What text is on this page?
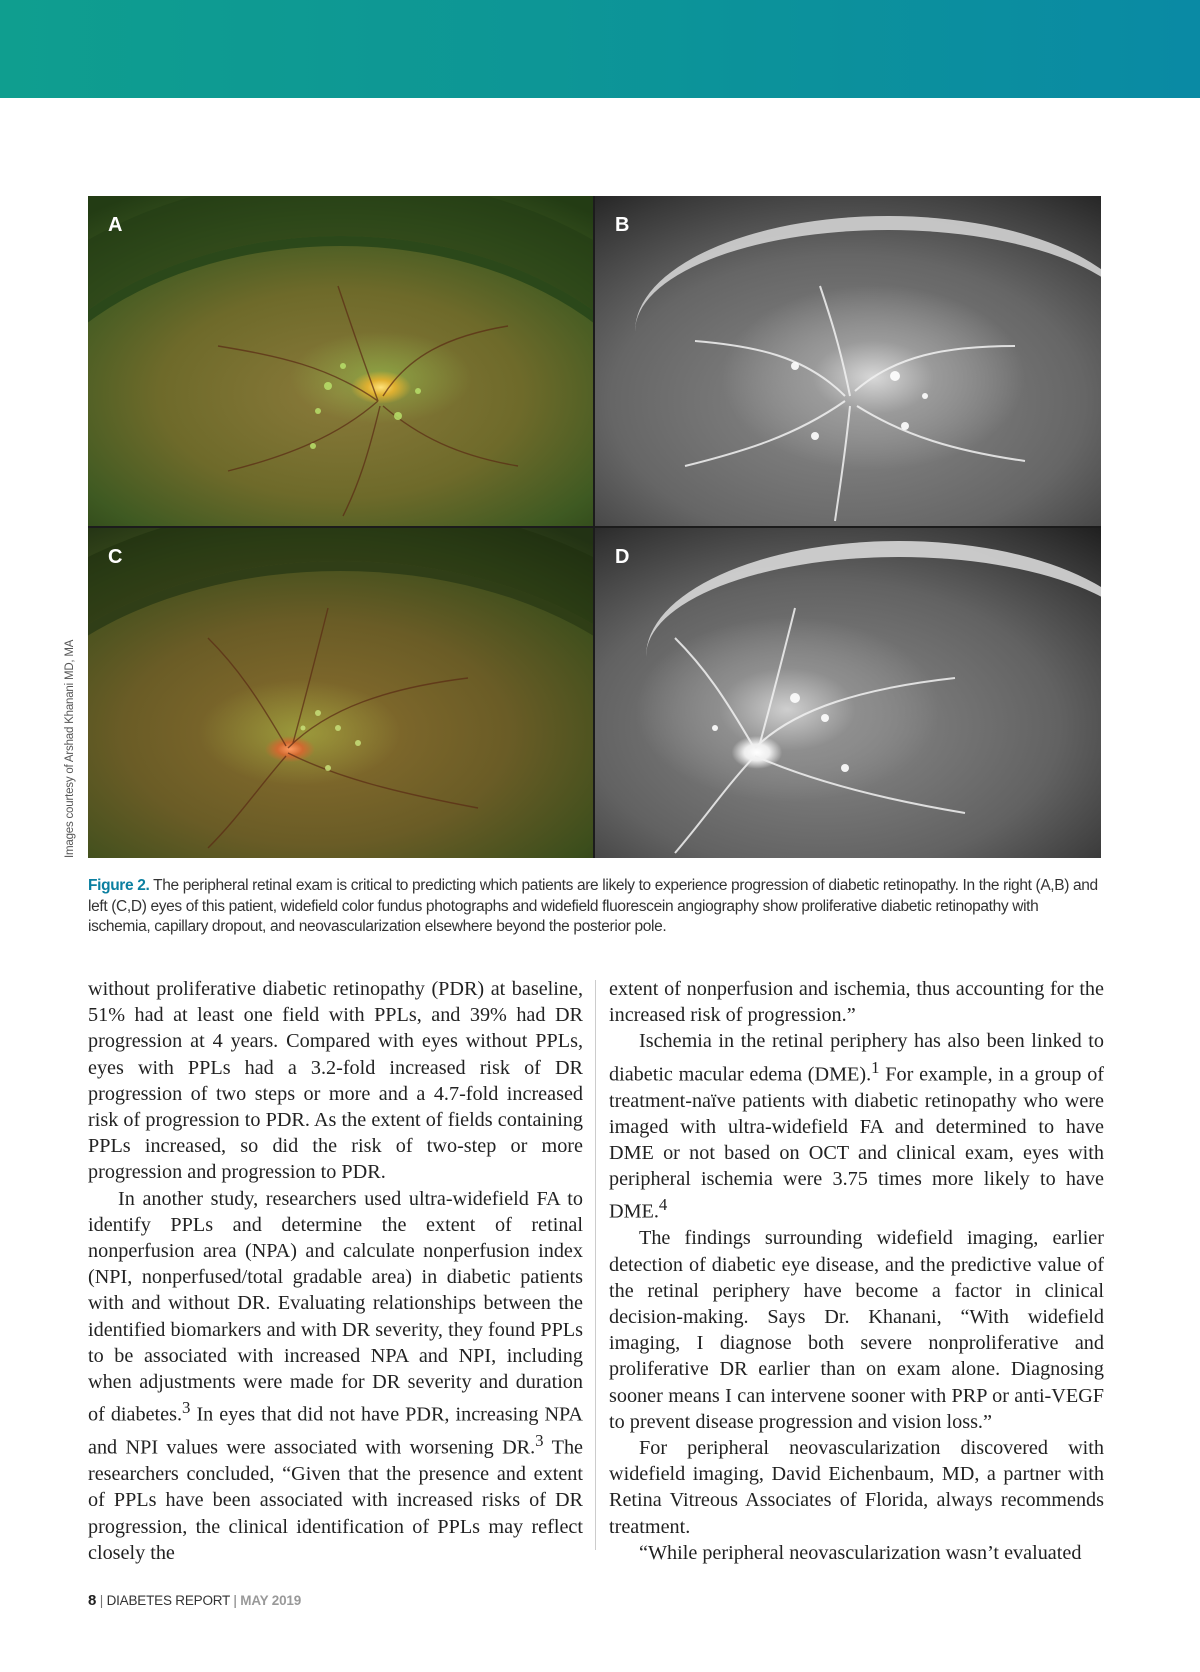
A	B
C	D
Images courtesy of Arshad Khanani MD, MA
Figure 2. The peripheral retinal exam is critical to predicting which patients are likely to experience progression of diabetic retinopathy. In the right (A,B) and left (C,D) eyes of this patient, widefield color fundus photographs and widefield fluorescein angiography show proliferative diabetic retinopathy with ischemia, capillary dropout, and neovascularization elsewhere beyond the posterior pole.

without proliferative diabetic retinopathy (PDR) at baseline, 51% had at least one field with PPLs, and 39% had DR progression at 4 years. Compared with eyes without PPLs, eyes with PPLs had a 3.2-fold increased risk of DR progression of two steps or more and a 4.7-fold increased risk of progression to PDR. As the extent of fields containing PPLs increased, so did the risk of two-step or more progression and progression to PDR.

In another study, researchers used ultra-widefield FA to identify PPLs and determine the extent of retinal nonperfusion area (NPA) and calculate nonperfusion index (NPI, nonperfused/total gradable area) in diabetic patients with and without DR. Evaluating relationships between the identified biomarkers and with DR severity, they found PPLs to be associated with increased NPA and NPI, including when adjustments were made for DR severity and duration of diabetes.$^3$ In eyes that did not have PDR, increasing NPA and NPI values were associated with worsening DR.$^3$ The researchers concluded, “Given that the presence and extent of PPLs have been associated with increased risks of DR progression, the clinical identification of PPLs may reflect closely the

extent of nonperfusion and ischemia, thus accounting for the increased risk of progression.”

Ischemia in the retinal periphery has also been linked to diabetic macular edema (DME).$^1$ For example, in a group of treatment-naïve patients with diabetic retinopathy who were imaged with ultra-widefield FA and determined to have DME or not based on OCT and clinical exam, eyes with peripheral ischemia were 3.75 times more likely to have DME.$^4$

The findings surrounding widefield imaging, earlier detection of diabetic eye disease, and the predictive value of the retinal periphery have become a factor in clinical decision-making. Says Dr. Khanani, “With widefield imaging, I diagnose both severe nonproliferative and proliferative DR earlier than on exam alone. Diagnosing sooner means I can intervene sooner with PRP or anti-VEGF to prevent disease progression and vision loss.”

For peripheral neovascularization discovered with widefield imaging, David Eichenbaum, MD, a partner with Retina Vitreous Associates of Florida, always recommends treatment.

“While peripheral neovascularization wasn’t evaluated

8 | DIABETES REPORT | MAY 2019
